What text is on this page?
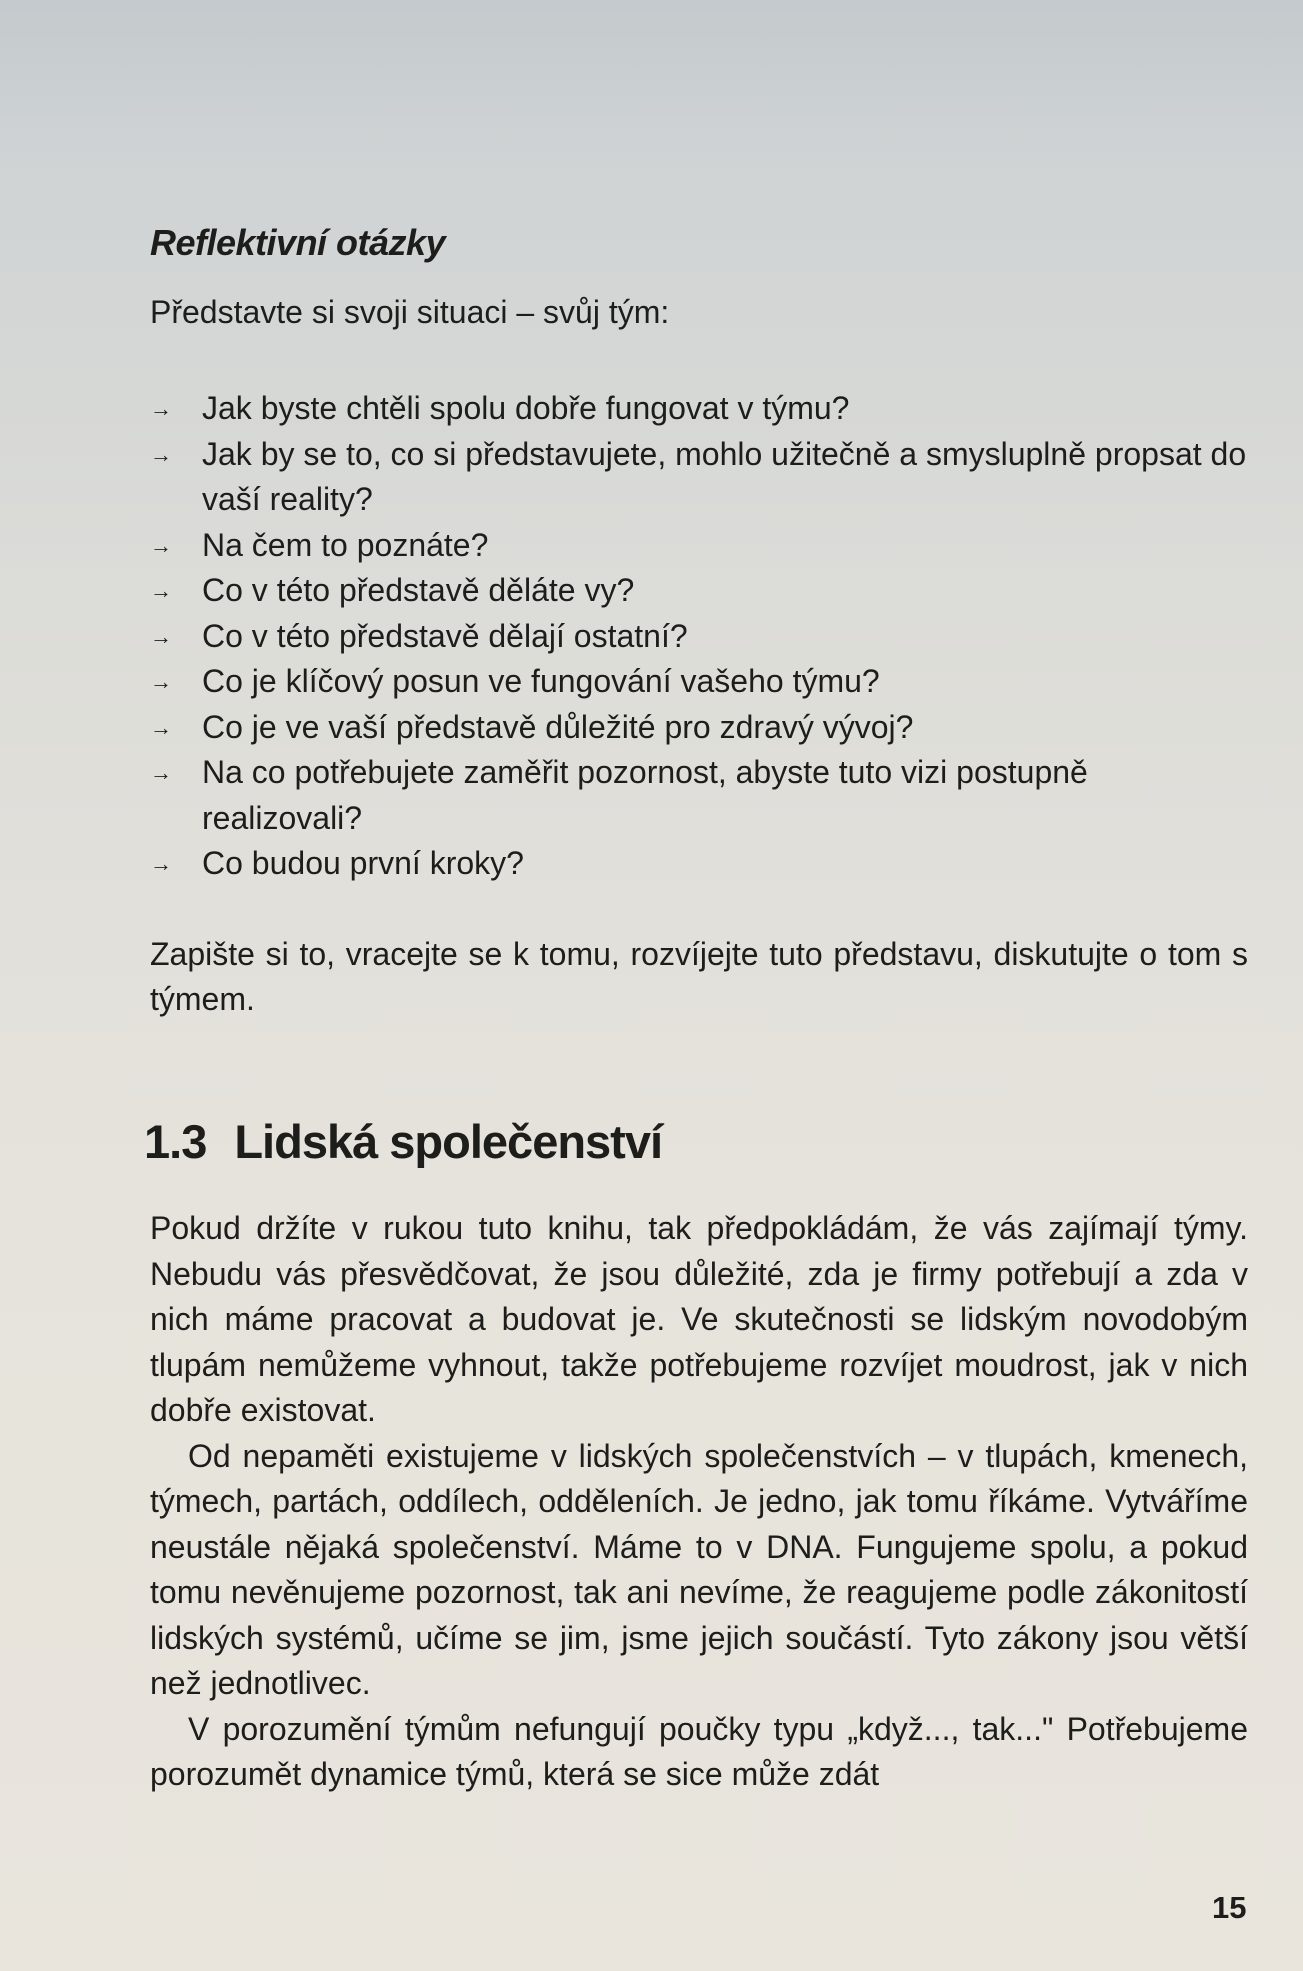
Reflektivní otázky

Představte si svoji situaci – svůj tým:

→ Jak byste chtěli spolu dobře fungovat v týmu?
→ Jak by se to, co si představujete, mohlo užitečně a smysluplně propsat do vaší reality?
→ Na čem to poznáte?
→ Co v této představě děláte vy?
→ Co v této představě dělají ostatní?
→ Co je klíčový posun ve fungování vašeho týmu?
→ Co je ve vaší představě důležité pro zdravý vývoj?
→ Na co potřebujete zaměřit pozornost, abyste tuto vizi postupně realizovali?
→ Co budou první kroky?

Zapište si to, vracejte se k tomu, rozvíjejte tuto představu, diskutujte o tom s týmem.

1.3 Lidská společenství

Pokud držíte v rukou tuto knihu, tak předpokládám, že vás zajímají týmy. Nebudu vás přesvědčovat, že jsou důležité, zda je firmy potřebují a zda v nich máme pracovat a budovat je. Ve skutečnosti se lidským novodobým tlupám nemůžeme vyhnout, takže potřebujeme rozvíjet moudrost, jak v nich dobře existovat.

Od nepaměti existujeme v lidských společenstvích – v tlupách, kmenech, týmech, partách, oddílech, odděleních. Je jedno, jak tomu říkáme. Vytváříme neustále nějaká společenství. Máme to v DNA. Fungujeme spolu, a pokud tomu nevěnujeme pozornost, tak ani nevíme, že reagujeme podle zákonitostí lidských systémů, učíme se jim, jsme jejich součástí. Tyto zákony jsou větší než jednotlivec.

V porozumění týmům nefungují poučky typu „když..., tak..." Potřebujeme porozumět dynamice týmů, která se sice může zdát

15
